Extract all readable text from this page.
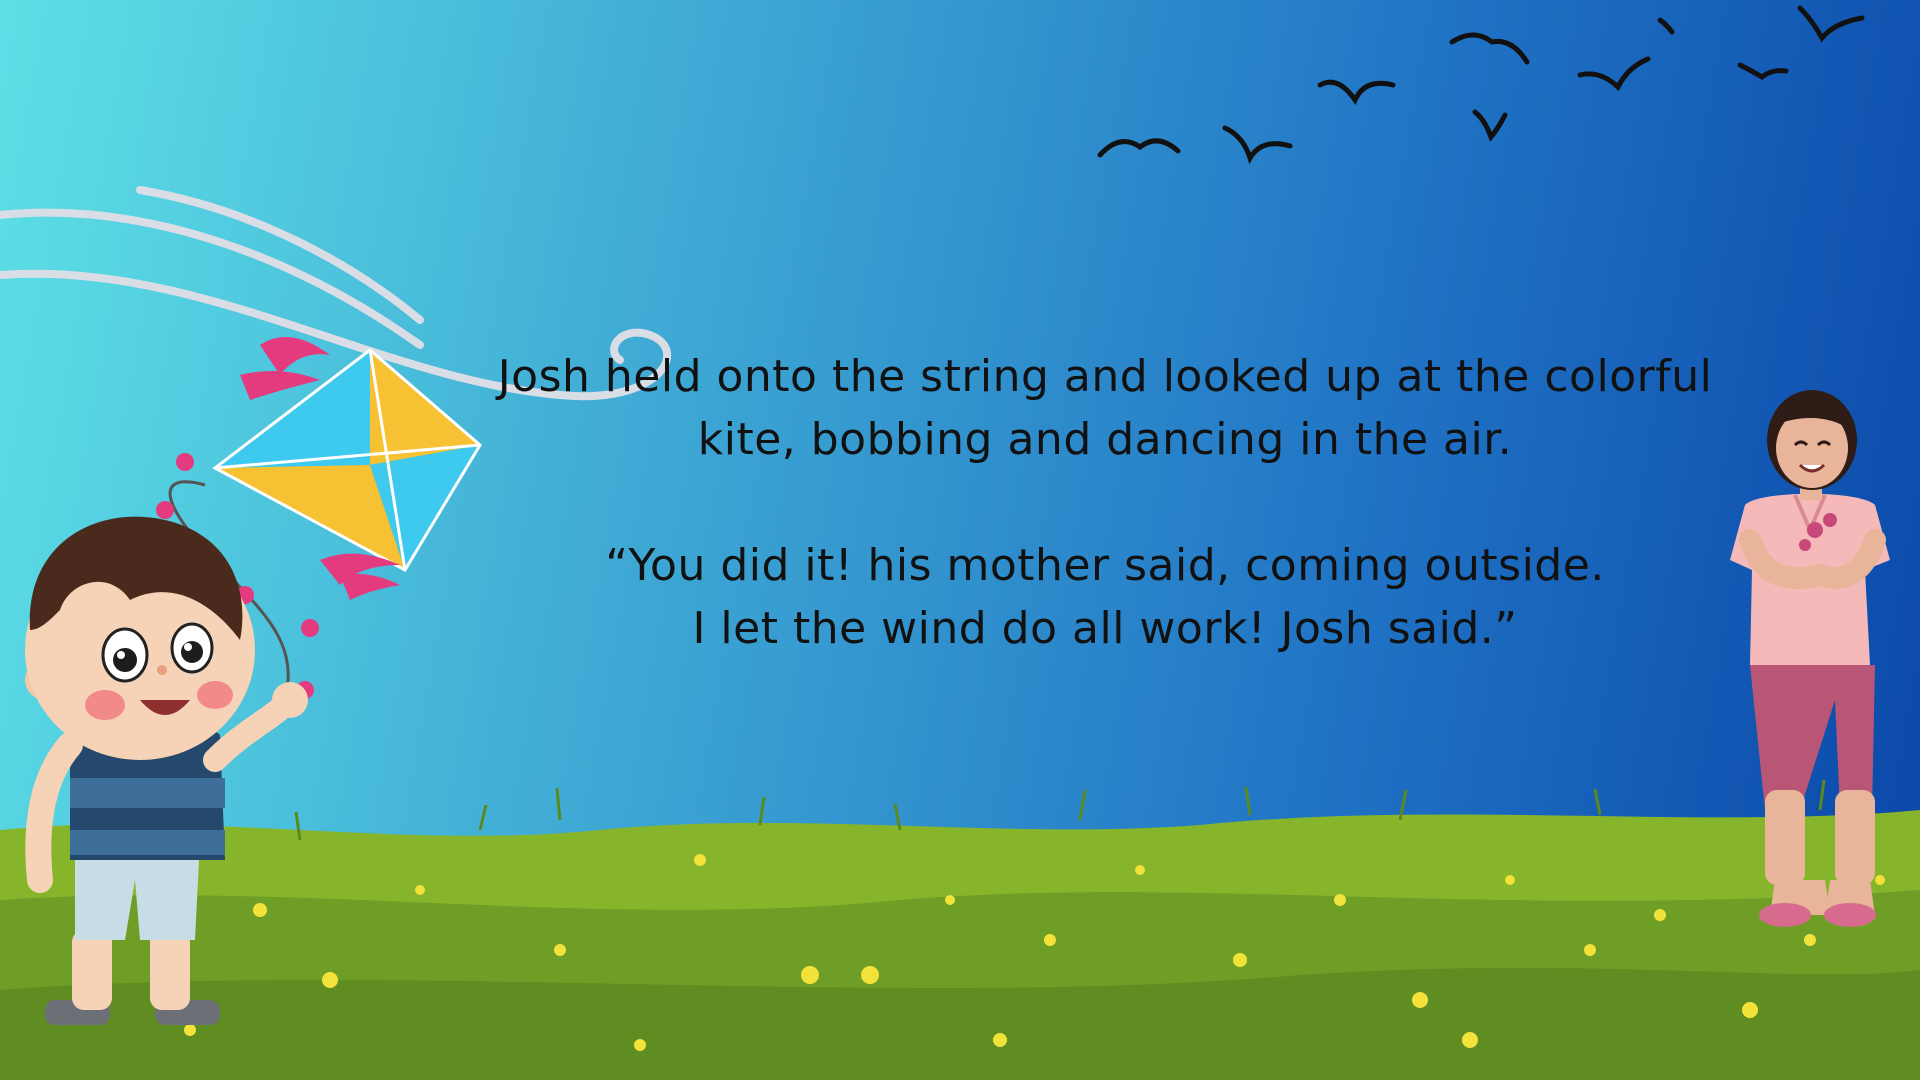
Josh held onto the string and looked up at the colorful kite, bobbing and dancing in the air.

“You did it! his mother said, coming outside.

I let the wind do all work! Josh said.”
